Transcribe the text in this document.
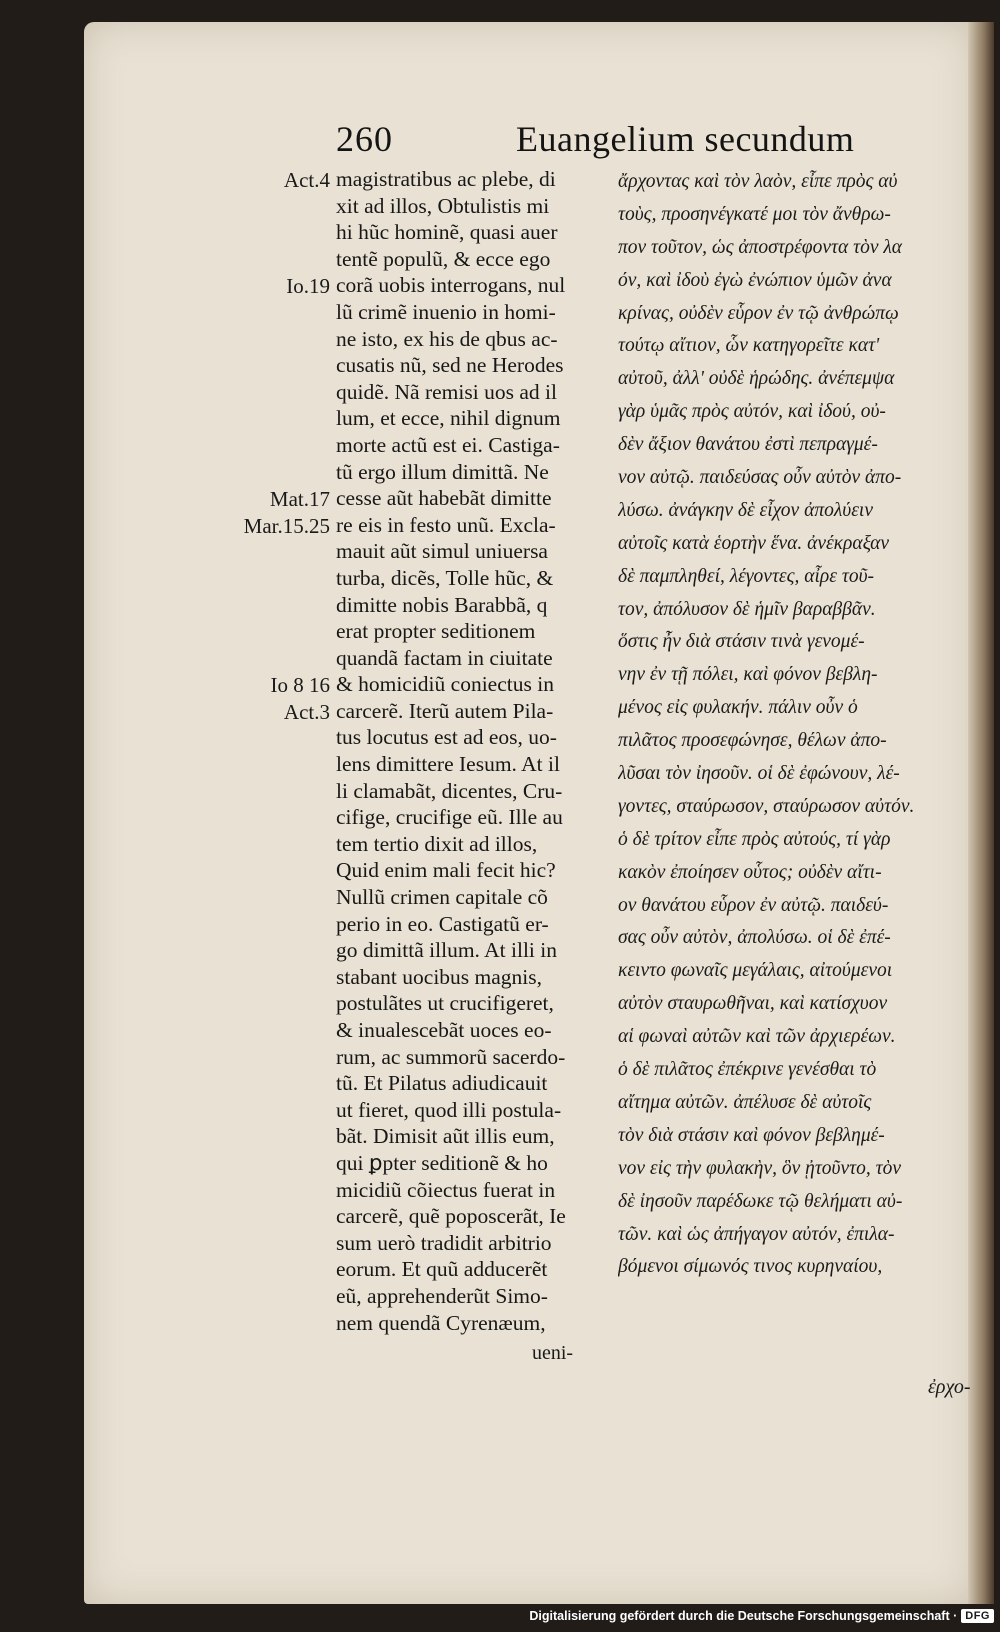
260	Euangelium secundum
Act.4
Io.19
Mat.17
Mar.15.25
Io 8 16
Act.3
magistratibus ac plebe, di
xit ad illos, Obtulistis mi
hi hũc hominẽ, quasi auer
tentẽ populũ, & ecce ego
corã uobis interrogans, nul
lũ crimẽ inuenio in homi-
ne isto, ex his de qbus ac-
cusatis nũ, sed ne Herodes
quidẽ. Nã remisi uos ad il
lum, et ecce, nihil dignum
morte actũ est ei. Castiga-
tũ ergo illum dimittã. Ne
cesse aũt habebãt dimitte
re eis in festo unũ. Excla-
mauit aũt simul uniuersa
turba, dicẽs, Tolle hũc, &
dimitte nobis Barabbã, q
erat propter seditionem
quandã factam in ciuitate
& homicidiũ coniectus in
carcerẽ. Iterũ autem Pila-
tus locutus est ad eos, uo-
lens dimittere Iesum. At il
li clamabãt, dicentes, Cru-
cifige, crucifige eũ. Ille au
tem tertio dixit ad illos,
Quid enim mali fecit hic?
Nullũ crimen capitale cõ
perio in eo. Castigatũ er-
go dimittã illum. At illi in
stabant uocibus magnis,
postulãtes ut crucifigeret,
& inualescebãt uoces eo-
rum, ac summorũ sacerdo-
tũ. Et Pilatus adiudicauit
ut fieret, quod illi postula-
bãt. Dimisit aũt illis eum,
qui ꝑpter seditionẽ & ho
micidiũ cõiectus fuerat in
carcerẽ, quẽ poposcerãt, Ie
sum uerò tradidit arbitrio
eorum. Et quũ adducerẽt
eũ, apprehenderũt Simo-
nem quendã Cyrenæum,
ἄρχοντας καὶ τὸν λαὸν, εἶπε πρὸς αὐ
τοὺς, προσηνέγκατέ μοι τὸν ἄνθρω-
πον τοῦτον, ὡς ἀποστρέφοντα τὸν λα
όν, καὶ ἰδοὺ ἐγὼ ἐνώπιον ὑμῶν ἀνα
κρίνας, οὐδὲν εὗρον ἐν τῷ ἀνθρώπῳ
τούτῳ αἴτιον, ὧν κατηγορεῖτε κατ'
αὐτοῦ, ἀλλ' οὐδὲ ἡρώδης. ἀνέπεμψα
γὰρ ὑμᾶς πρὸς αὐτόν, καὶ ἰδού, οὐ-
δὲν ἄξιον θανάτου ἐστὶ πεπραγμέ-
νον αὐτῷ. παιδεύσας οὖν αὐτὸν ἀπο-
λύσω. ἀνάγκην δὲ εἶχον ἀπολύειν
αὐτοῖς κατὰ ἑορτὴν ἕνα. ἀνέκραξαν
δὲ παμπληθεί, λέγοντες, αἶρε τοῦ-
τον, ἀπόλυσον δὲ ἡμῖν βαραββᾶν.
ὅστις ἦν διὰ στάσιν τινὰ γενομέ-
νην ἐν τῇ πόλει, καὶ φόνον βεβλη-
μένος εἰς φυλακήν. πάλιν οὖν ὁ
πιλᾶτος προσεφώνησε, θέλων ἀπο-
λῦσαι τὸν ἰησοῦν. οἱ δὲ ἐφώνουν, λέ-
γοντες, σταύρωσον, σταύρωσον αὐτόν.
ὁ δὲ τρίτον εἶπε πρὸς αὐτούς, τί γὰρ
κακὸν ἐποίησεν οὗτος; οὐδὲν αἴτι-
ον θανάτου εὗρον ἐν αὐτῷ. παιδεύ-
σας οὖν αὐτὸν, ἀπολύσω. οἱ δὲ ἐπέ-
κειντο φωναῖς μεγάλαις, αἰτούμενοι
αὐτὸν σταυρωθῆναι, καὶ κατίσχυον
αἱ φωναὶ αὐτῶν καὶ τῶν ἀρχιερέων.
ὁ δὲ πιλᾶτος ἐπέκρινε γενέσθαι τὸ
αἴτημα αὐτῶν. ἀπέλυσε δὲ αὐτοῖς
τὸν διὰ στάσιν καὶ φόνον βεβλημέ-
νον εἰς τὴν φυλακὴν, ὃν ᾐτοῦντο, τὸν
δὲ ἰησοῦν παρέδωκε τῷ θελήματι αὐ-
τῶν. καὶ ὡς ἀπήγαγον αὐτόν, ἐπιλα-
βόμενοι σίμωνός τινος κυρηναίου,
ueni-
ἐρχο-
Digitalisierung gefördert durch die Deutsche Forschungsgemeinschaft · DFG
